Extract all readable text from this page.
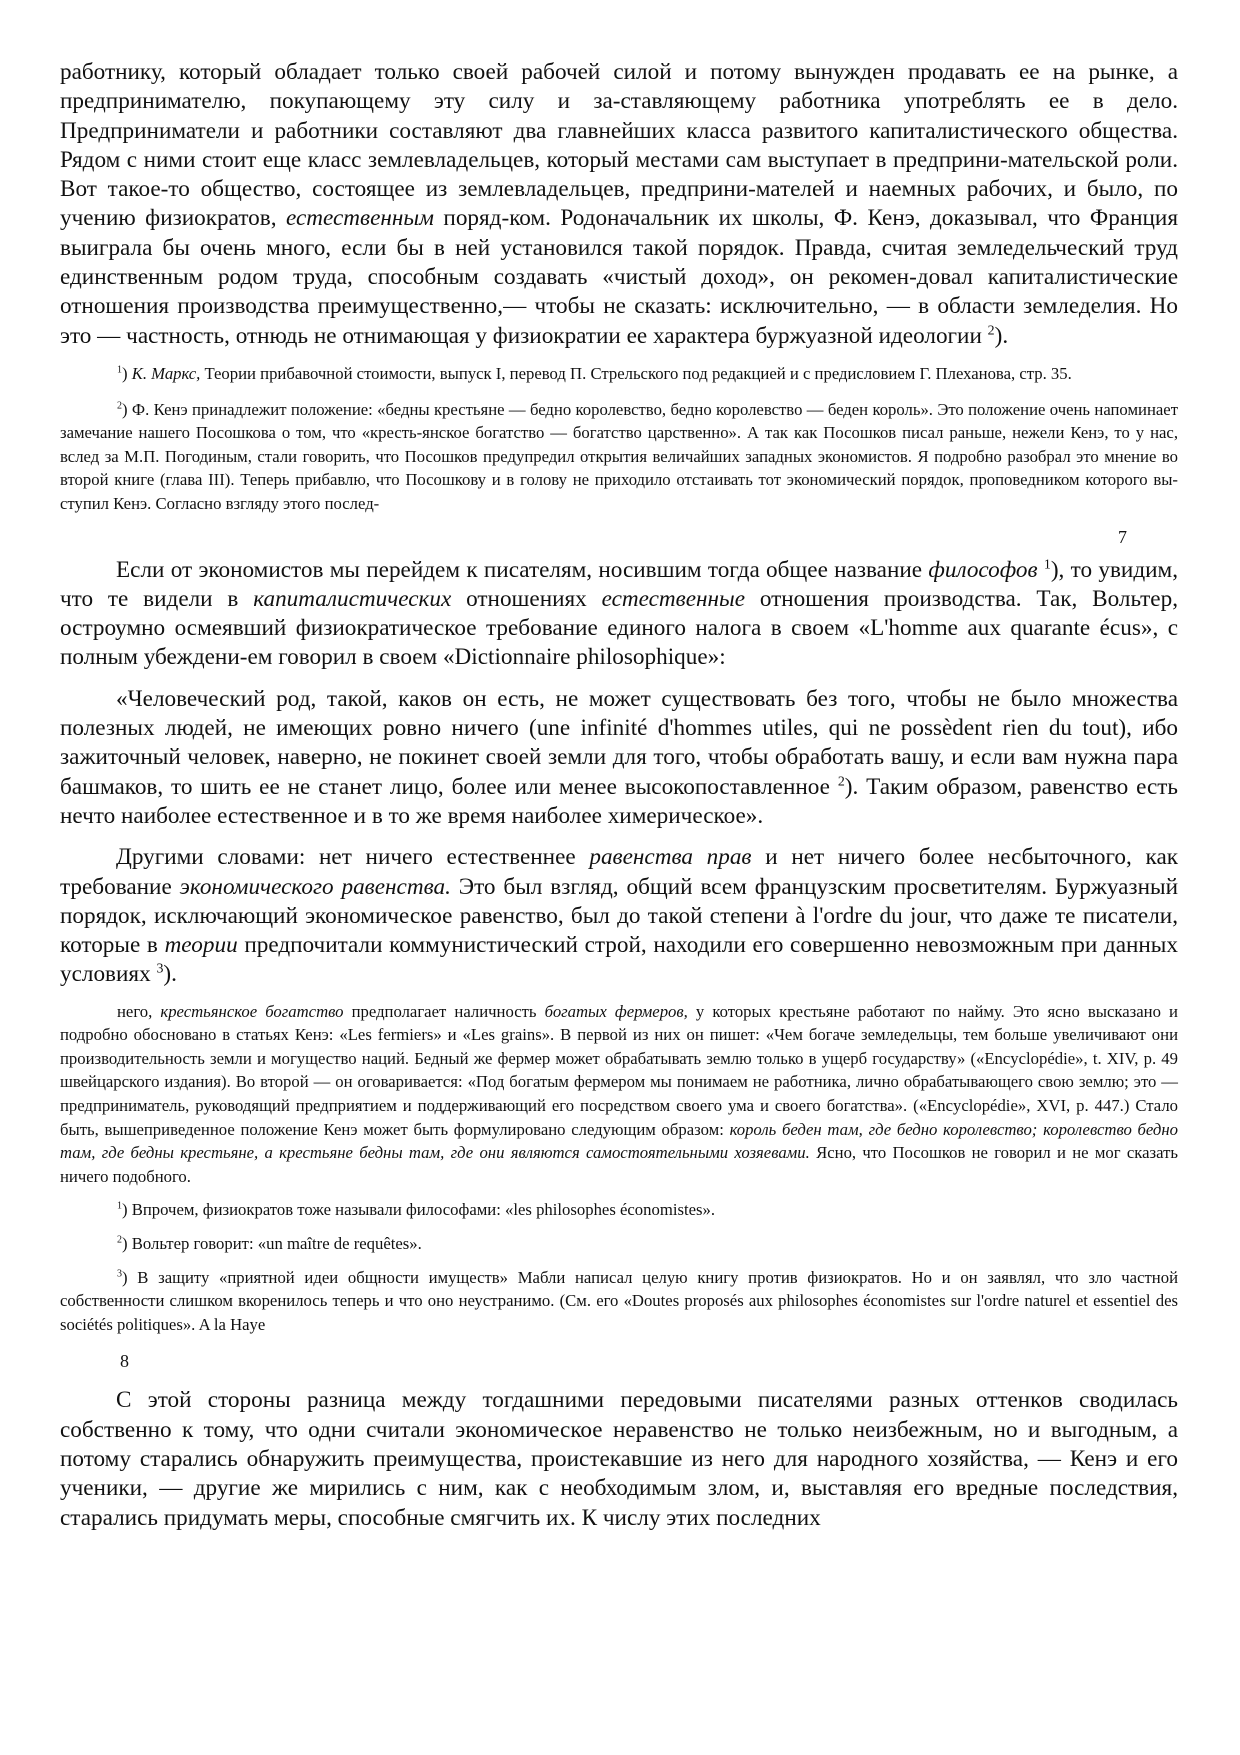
работнику, который обладает только своей рабочей силой и потому вынужден продавать ее на рынке, а предпринимателю, покупающему эту силу и за-ставляющему работника употреблять ее в дело. Предприниматели и работники составляют два главнейших класса развитого капиталистического общества. Рядом с ними стоит еще класс землевладельцев, который местами сам выступает в предприни-мательской роли. Вот такое-то общество, состоящее из землевладельцев, предприни-мателей и наемных рабочих, и было, по учению физиократов, естественным поряд-ком. Родоначальник их школы, Ф. Кенэ, доказывал, что Франция выиграла бы очень много, если бы в ней установился такой порядок. Правда, считая земледельческий труд единственным родом труда, способным создавать «чистый доход», он рекомен-довал капиталистические отношения производства преимущественно,— чтобы не сказать: исключительно, — в области земледелия. Но это — частность, отнюдь не отнимающая у физиократии ее характера буржуазной идеологии $^2$).

$^1$) К. Маркс, Теории прибавочной стоимости, выпуск I, перевод П. Стрельского под редакцией и с предисловием Г. Плеханова, стр. 35.

$^2$) Ф. Кенэ принадлежит положение: «бедны крестьяне — бедно королевство, бедно королевство — беден король». Это положение очень напоминает замечание нашего Посошкова о том, что «кресть-янское богатство — богатство царственно». А так как Посошков писал раньше, нежели Кенэ, то у нас, вслед за М.П. Погодиным, стали говорить, что Посошков предупредил открытия величайших западных экономистов. Я подробно разобрал это мнение во второй книге (глава III). Теперь прибавлю, что Посошкову и в голову не приходило отстаивать тот экономический порядок, проповедником которого вы-ступил Кенэ. Согласно взгляду этого послед-

7

Если от экономистов мы перейдем к писателям, носившим тогда общее название философов $^1$), то увидим, что те видели в капиталистических отношениях естественные отношения производства. Так, Вольтер, остроумно осмеявший физиократическое требование единого налога в своем «L'homme aux quarante écus», с полным убеждени-ем говорил в своем «Dictionnaire philosophique»:

«Человеческий род, такой, каков он есть, не может существовать без того, чтобы не было множества полезных людей, не имеющих ровно ничего (une infinité d'hommes utiles, qui ne possèdent rien du tout), ибо зажиточный человек, наверно, не покинет своей земли для того, чтобы обработать вашу, и если вам нужна пара башмаков, то шить ее не станет лицо, более или менее высокопоставленное $^2$). Таким образом, равенство есть нечто наиболее естественное и в то же время наиболее химерическое».

Другими словами: нет ничего естественнее равенства прав и нет ничего более несбыточного, как требование экономического равенства. Это был взгляд, общий всем французским просветителям. Буржуазный порядок, исключающий экономическое равенство, был до такой степени à l'ordre du jour, что даже те писатели, которые в теории предпочитали коммунистический строй, находили его совершенно невозможным при данных условиях $^3$).

него, крестьянское богатство предполагает наличность богатых фермеров, у которых крестьяне работают по найму. Это ясно высказано и подробно обосновано в статьях Кенэ: «Les fermiers» и «Les grains». В первой из них он пишет: «Чем богаче земледельцы, тем больше увеличивают они производительность земли и могущество наций. Бедный же фермер может обрабатывать землю только в ущерб государству» («Encyclopédie», t. XIV, р. 49 швейцарского издания). Во второй — он оговаривается: «Под богатым фермером мы понимаем не работника, лично обрабатывающего свою землю; это — предприниматель, руководящий предприятием и поддерживающий его посредством своего ума и своего богатства». («Encyclopédie», XVI, р. 447.) Стало быть, вышеприведенное положение Кенэ может быть формулировано следующим образом: король беден там, где бедно королевство; королевство бедно там, где бедны крестьяне, а крестьяне бедны там, где они являются самостоятельными хозяевами. Ясно, что Посошков не говорил и не мог сказать ничего подобного.

$^1$) Впрочем, физиократов тоже называли философами: «les philosophes économistes».

$^2$) Вольтер говорит: «un maître de requêtes».

$^3$) В защиту «приятной идеи общности имуществ» Мабли написал целую книгу против физиократов. Но и он заявлял, что зло частной собственности слишком вкоренилось теперь и что оно неустранимо. (См. его «Doutes proposés aux philosophes économistes sur l'ordre naturel et essentiel des sociétés politiques». A la Haye

8

С этой стороны разница между тогдашними передовыми писателями разных оттенков сводилась собственно к тому, что одни считали экономическое неравенство не только неизбежным, но и выгодным, а потому старались обнаружить преимущества, проистекавшие из него для народного хозяйства, — Кенэ и его ученики, — другие же мирились с ним, как с необходимым злом, и, выставляя его вредные последствия, старались придумать меры, способные смягчить их. К числу этих последних
